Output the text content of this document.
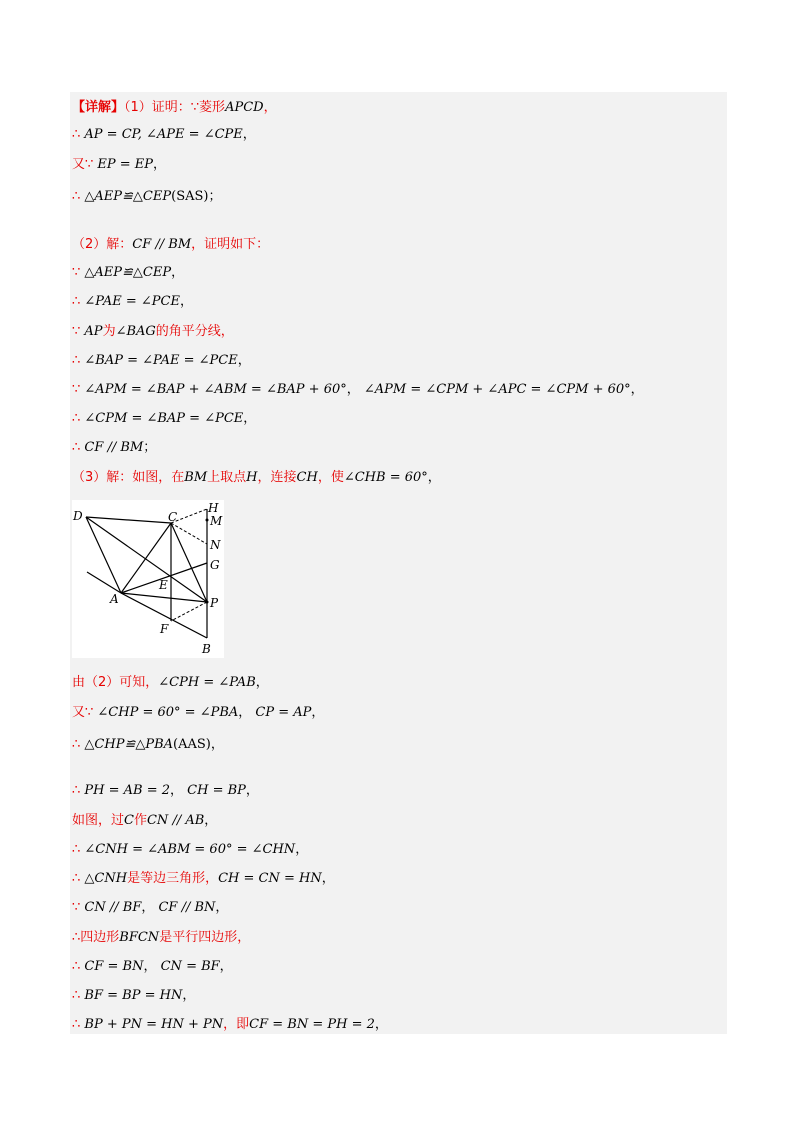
【详解】（1）证明：∵菱形APCD，
∴ AP = CP, ∠APE = ∠CPE，
又∵ EP = EP，
∴ △AEP≌△CEP(SAS)；
（2）解：CF // BM，证明如下：
∵ △AEP≌△CEP，
∴ ∠PAE = ∠PCE，
∵ AP为∠BAG的角平分线，
∴ ∠BAP = ∠PAE = ∠PCE，
∵ ∠APM = ∠BAP + ∠ABM = ∠BAP + 60°， ∠APM = ∠CPM + ∠APC = ∠CPM + 60°，
∴ ∠CPM = ∠BAP = ∠PCE，
∴ CF // BM；
（3）解：如图，在BM上取点H，连接CH，使∠CHB = 60°，
由（2）可知，∠CPH = ∠PAB，
又∵ ∠CHP = 60° = ∠PBA， CP = AP，
∴ △CHP≌△PBA(AAS)，
∴ PH = AB = 2， CH = BP，
如图，过C作CN // AB，
∴ ∠CNH = ∠ABM = 60° = ∠CHN，
∴ △CNH是等边三角形，CH = CN = HN，
∵ CN // BF， CF // BN，
∴四边形BFCN是平行四边形，
∴ CF = BN， CN = BF，
∴ BF = BP = HN，
∴ BP + PN = HN + PN，即CF = BN = PH = 2，
D	C
H
M
N
G
E
A	P
F
B
